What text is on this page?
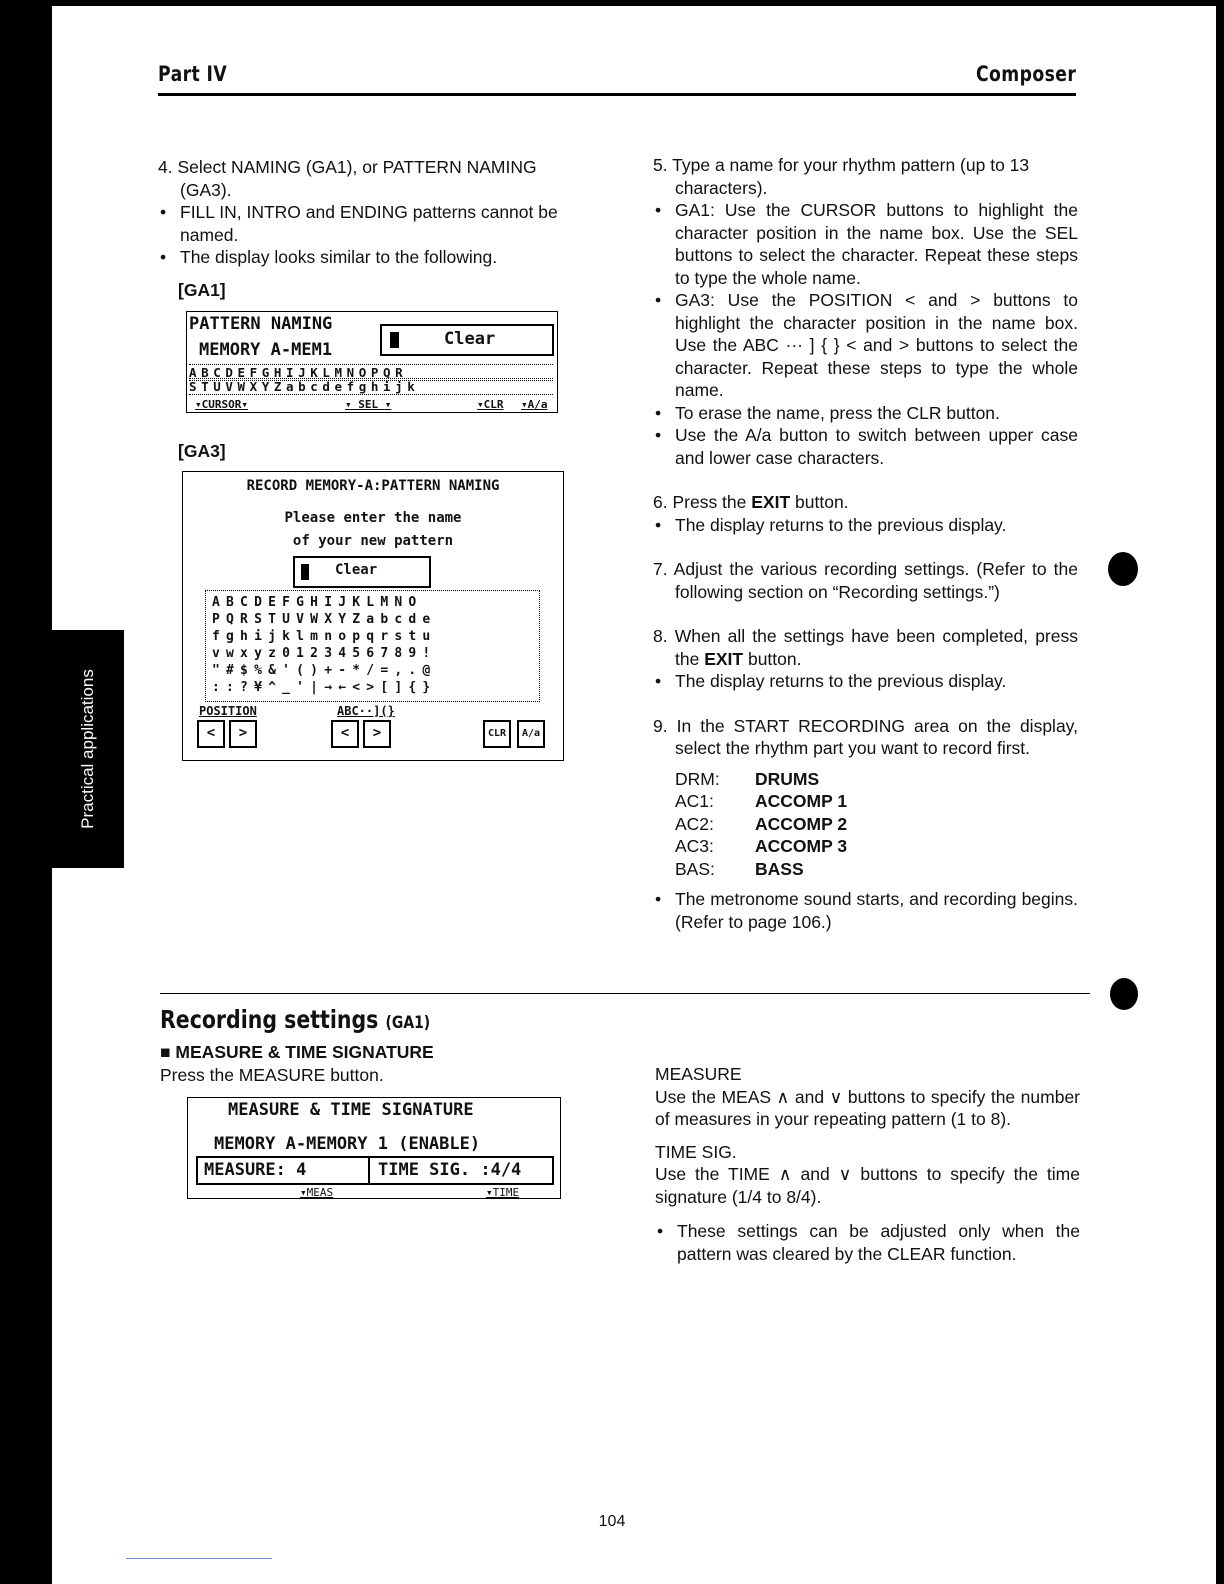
Practical applications
Part IV	Composer

4. Select NAMING (GA1), or PATTERN NAMING (GA3).

• FILL IN, INTRO and ENDING patterns cannot be named.

• The display looks similar to the following.

[GA1]

PATTERN NAMING
MEMORY A-MEM1
Clear
ABCDEFGHIJKLMNOPQR
STUVWXYZabcdefghijk
▾CURSOR▾	▾ SEL ▾	▾CLR ▾A/a
[GA3]
RECORD MEMORY-A:PATTERN NAMING
Please enter the name
of your new pattern
Clear
ABCDEFGHIJKLMNO
PQRSTUVWXYZabcde
fghijklmnopqrstu
vwxyz0123456789!
"#$%&'()+-*/=,.@
::?¥^_'|→←<>[]{}
POSITION	ABC··](}
<	>	<	>	CLR	A/a

5. Type a name for your rhythm pattern (up to 13 characters).

• GA1: Use the CURSOR buttons to highlight the character position in the name box. Use the SEL buttons to select the character. Repeat these steps to type the whole name.

• GA3: Use the POSITION < and > buttons to highlight the character position in the name box. Use the ABC ··· ] { } < and > buttons to select the character. Repeat these steps to type the whole name.

• To erase the name, press the CLR button.

• Use the A/a button to switch between upper case and lower case characters.

6. Press the EXIT button.

• The display returns to the previous display.

7. Adjust the various recording settings. (Refer to the following section on “Recording settings.”)

8. When all the settings have been completed, press the EXIT button.

• The display returns to the previous display.

9. In the START RECORDING area on the display, select the rhythm part you want to record first.

DRM:	DRUMS
AC1:	ACCOMP 1
AC2:	ACCOMP 2
AC3:	ACCOMP 3
BAS:	BASS

• The metronome sound starts, and recording begins. (Refer to page 106.)

Recording settings (GA1)

■ MEASURE & TIME SIGNATURE

Press the MEASURE button.

MEASURE & TIME SIGNATURE
MEMORY A-MEMORY 1 (ENABLE)
MEASURE: 4	TIME SIG. :4/4
▾MEAS	▾TIME

MEASURE

Use the MEAS ∧ and ∨ buttons to specify the number of measures in your repeating pattern (1 to 8).

TIME SIG.

Use the TIME ∧ and ∨ buttons to specify the time signature (1/4 to 8/4).

• These settings can be adjusted only when the pattern was cleared by the CLEAR function.

104
